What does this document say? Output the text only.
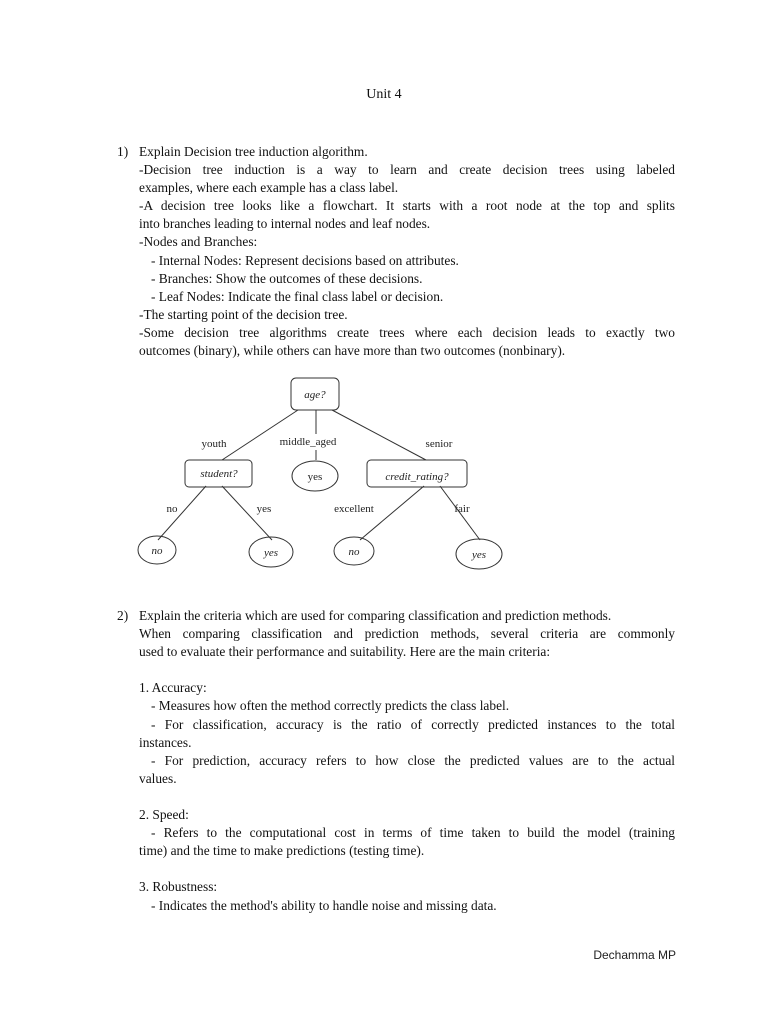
Unit 4
1) Explain Decision tree induction algorithm.
-Decision tree induction is a way to learn and create decision trees using labeled
examples, where each example has a class label.
-A decision tree looks like a flowchart. It starts with a root node at the top and splits
into branches leading to internal nodes and leaf nodes.
-Nodes and Branches:
- Internal Nodes: Represent decisions based on attributes.
- Branches: Show the outcomes of these decisions.
- Leaf Nodes: Indicate the final class label or decision.
-The starting point of the decision tree.
-Some decision tree algorithms create trees where each decision leads to exactly two
outcomes (binary), while others can have more than two outcomes (nonbinary).
age?
youth	middle_aged	senior
student?	yes	credit_rating?
no	yes	excellent	fair
no	yes	no	yes
2) Explain the criteria which are used for comparing classification and prediction methods.
When comparing classification and prediction methods, several criteria are commonly
used to evaluate their performance and suitability. Here are the main criteria:
1. Accuracy:
- Measures how often the method correctly predicts the class label.
- For classification, accuracy is the ratio of correctly predicted instances to the total
instances.
- For prediction, accuracy refers to how close the predicted values are to the actual
values.
2. Speed:
- Refers to the computational cost in terms of time taken to build the model (training
time) and the time to make predictions (testing time).
3. Robustness:
- Indicates the method's ability to handle noise and missing data.
Dechamma MP
